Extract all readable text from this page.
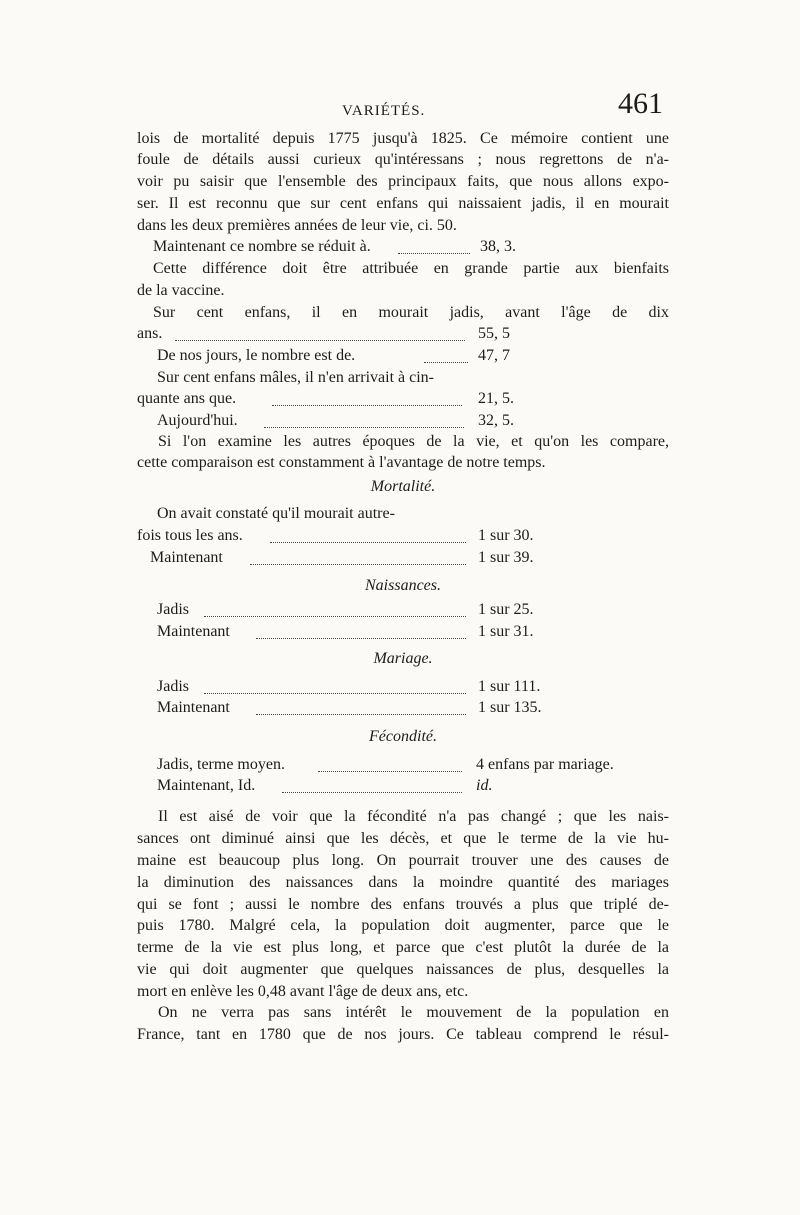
VARIÉTÉS.	461
lois de mortalité depuis 1775 jusqu'à 1825. Ce mémoire contient une
foule de détails aussi curieux qu'intéressans ; nous regrettons de n'a-
voir pu saisir que l'ensemble des principaux faits, que nous allons expo-
ser. Il est reconnu que sur cent enfans qui naissaient jadis, il en mourait
dans les deux premières années de leur vie, ci. 50.
Maintenant ce nombre se réduit à.	38, 3.
Cette différence doit être attribuée en grande partie aux bienfaits
de la vaccine.
Sur cent enfans, il en mourait jadis, avant l'âge de dix
ans.	55, 5
De nos jours, le nombre est de.	47, 7
Sur cent enfans mâles, il n'en arrivait à cin-
quante ans que.	21, 5.
Aujourd'hui.	32, 5.
Si l'on examine les autres époques de la vie, et qu'on les compare,
cette comparaison est constamment à l'avantage de notre temps.
Mortalité.
On avait constaté qu'il mourait autre-
fois tous les ans.	1 sur 30.
Maintenant	1 sur 39.
Naissances.
Jadis	1 sur 25.
Maintenant	1 sur 31.
Mariage.
Jadis	1 sur 111.
Maintenant	1 sur 135.
Fécondité.
Jadis, terme moyen.	4 enfans par mariage.
Maintenant, Id.	id.
Il est aisé de voir que la fécondité n'a pas changé ; que les nais-
sances ont diminué ainsi que les décès, et que le terme de la vie hu-
maine est beaucoup plus long. On pourrait trouver une des causes de
la diminution des naissances dans la moindre quantité des mariages
qui se font ; aussi le nombre des enfans trouvés a plus que triplé de-
puis 1780. Malgré cela, la population doit augmenter, parce que le
terme de la vie est plus long, et parce que c'est plutôt la durée de la
vie qui doit augmenter que quelques naissances de plus, desquelles la
mort en enlève les 0,48 avant l'âge de deux ans, etc.
On ne verra pas sans intérêt le mouvement de la population en
France, tant en 1780 que de nos jours. Ce tableau comprend le résul-
